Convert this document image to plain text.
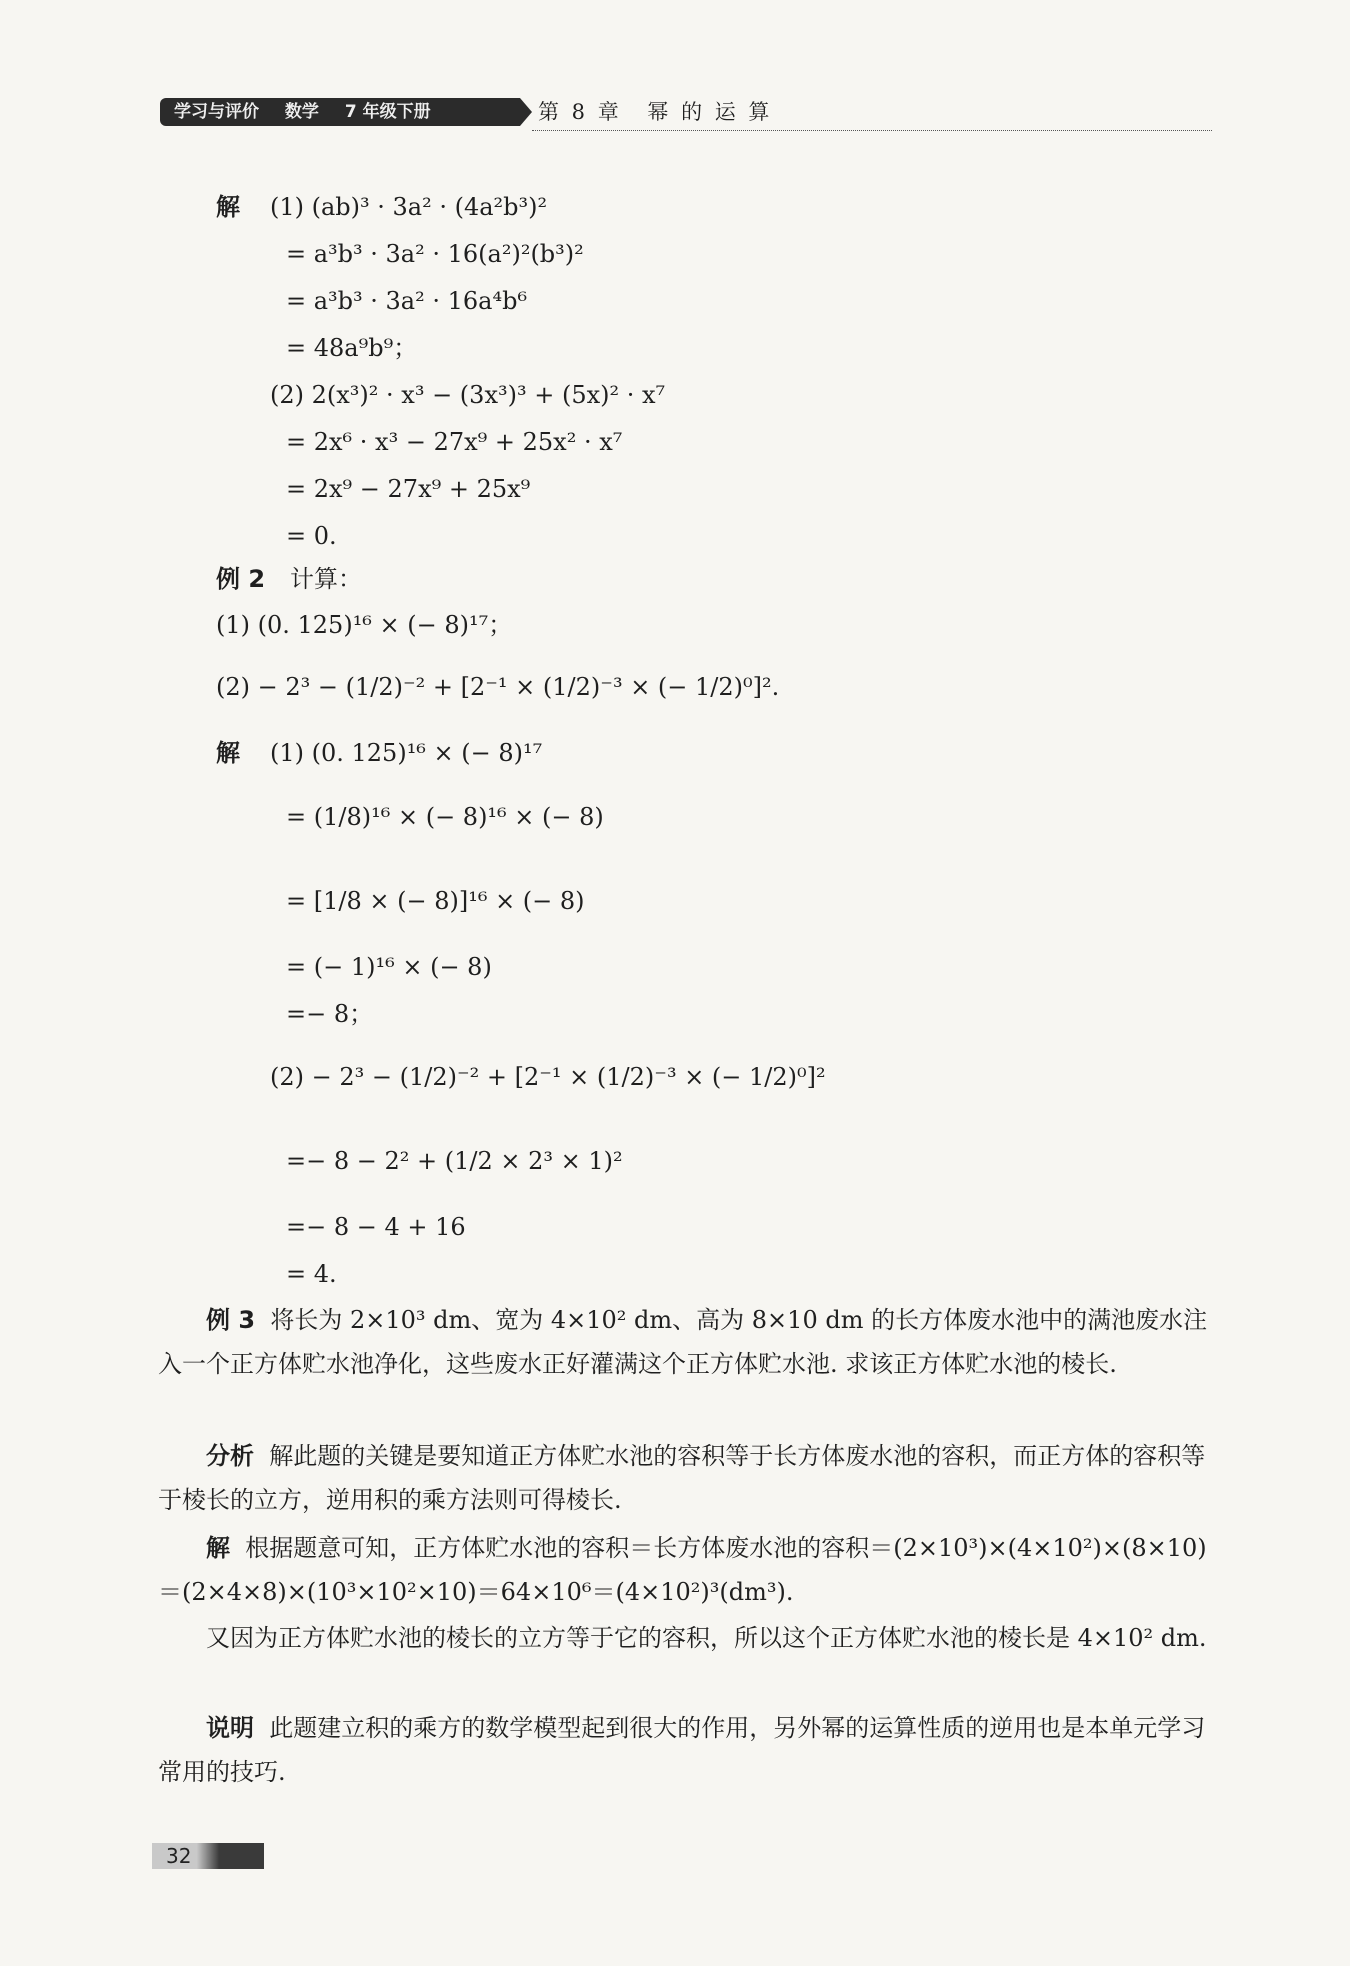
学习与评价 数学 7 年级下册	第 8 章 幂 的 运 算
解 (1) (ab)³ · 3a² · (4a²b³)²
= a³b³ · 3a² · 16(a²)²(b³)²
= a³b³ · 3a² · 16a⁴b⁶
= 48a⁹b⁹；
(2) 2(x³)² · x³ − (3x³)³ + (5x)² · x⁷
= 2x⁶ · x³ − 27x⁹ + 25x² · x⁷
= 2x⁹ − 27x⁹ + 25x⁹
= 0.
例 2 计算：
(1) (0. 125)¹⁶ × (− 8)¹⁷；
(2) − 2³ − (1/2)⁻² + [2⁻¹ × (1/2)⁻³ × (− 1/2)⁰]².
解 (1) (0. 125)¹⁶ × (− 8)¹⁷
= (1/8)¹⁶ × (− 8)¹⁶ × (− 8)
= [1/8 × (− 8)]¹⁶ × (− 8)
= (− 1)¹⁶ × (− 8)
=− 8；
(2) − 2³ − (1/2)⁻² + [2⁻¹ × (1/2)⁻³ × (− 1/2)⁰]²
=− 8 − 2² + (1/2 × 2³ × 1)²
=− 8 − 4 + 16
= 4.

例 3 将长为 2×10³ dm、宽为 4×10² dm、高为 8×10 dm 的长方体废水池中的满池废水注入一个正方体贮水池净化，这些废水正好灌满这个正方体贮水池. 求该正方体贮水池的棱长.

分析 解此题的关键是要知道正方体贮水池的容积等于长方体废水池的容积，而正方体的容积等于棱长的立方，逆用积的乘方法则可得棱长.

解 根据题意可知，正方体贮水池的容积＝长方体废水池的容积＝(2×10³)×(4×10²)×(8×10)＝(2×4×8)×(10³×10²×10)＝64×10⁶＝(4×10²)³(dm³).

又因为正方体贮水池的棱长的立方等于它的容积，所以这个正方体贮水池的棱长是 4×10² dm.

说明 此题建立积的乘方的数学模型起到很大的作用，另外幂的运算性质的逆用也是本单元学习常用的技巧.

32
